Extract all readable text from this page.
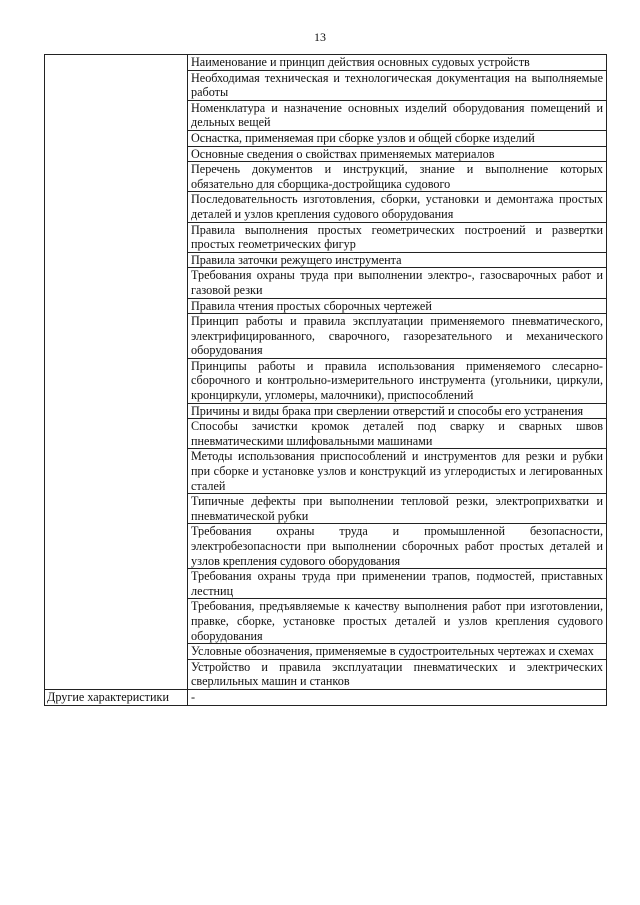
13
	Наименование и принцип действия основных судовых устройств
	Необходимая техническая и технологическая документация на выполняемые работы
	Номенклатура и назначение основных изделий оборудования помещений и дельных вещей
	Оснастка, применяемая при сборке узлов и общей сборке изделий
	Основные сведения о свойствах применяемых материалов
	Перечень документов и инструкций, знание и выполнение которых обязательно для сборщика-достройщика судового
	Последовательность изготовления, сборки, установки и демонтажа простых деталей и узлов крепления судового оборудования
	Правила выполнения простых геометрических построений и развертки простых геометрических фигур
	Правила заточки режущего инструмента
	Требования охраны труда при выполнении электро-, газосварочных работ и газовой резки
	Правила чтения простых сборочных чертежей
	Принцип работы и правила эксплуатации применяемого пневматического, электрифицированного, сварочного, газорезательного и механического оборудования
	Принципы работы и правила использования применяемого слесарно-сборочного и контрольно-измерительного инструмента (угольники, циркули, кронциркули, угломеры, малочники), приспособлений
	Причины и виды брака при сверлении отверстий и способы его устранения
	Способы зачистки кромок деталей под сварку и сварных швов пневматическими шлифовальными машинами
	Методы использования приспособлений и инструментов для резки и рубки при сборке и установке узлов и конструкций из углеродистых и легированных сталей
	Типичные дефекты при выполнении тепловой резки, электроприхватки и пневматической рубки
	Требования охраны труда и промышленной безопасности, электробезопасности при выполнении сборочных работ простых деталей и узлов крепления судового оборудования
	Требования охраны труда при применении трапов, подмостей, приставных лестниц
	Требования, предъявляемые к качеству выполнения работ при изготовлении, правке, сборке, установке простых деталей и узлов крепления судового оборудования
	Условные обозначения, применяемые в судостроительных чертежах и схемах
	Устройство и правила эксплуатации пневматических и электрических сверлильных машин и станков
Другие характеристики	-
